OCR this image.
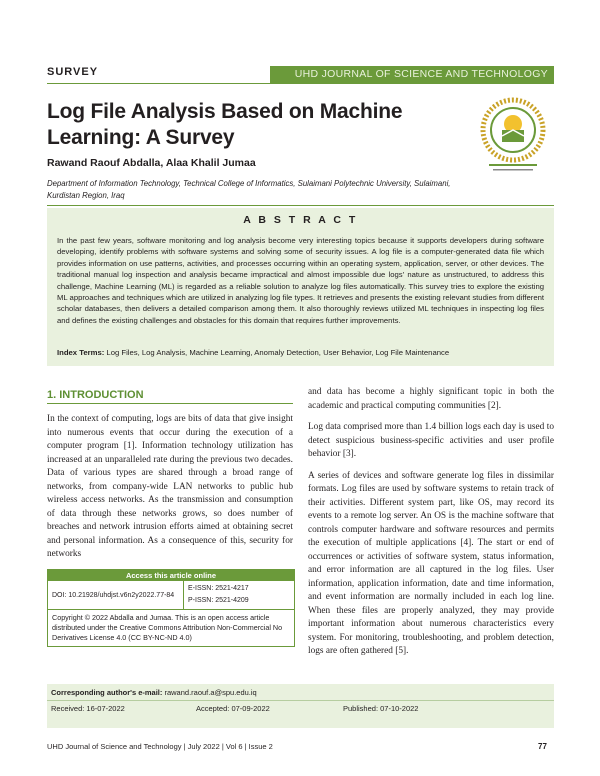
SURVEY	UHD JOURNAL OF SCIENCE AND TECHNOLOGY
Log File Analysis Based on Machine
Learning: A Survey
Rawand Raouf Abdalla, Alaa Khalil Jumaa
Department of Information Technology, Technical College of Informatics, Sulaimani Polytechnic University, Sulaimani,
Kurdistan Region, Iraq
A B S T R A C T
In the past few years, software monitoring and log analysis become very interesting topics because it supports developers during software developing, identify problems with software systems and solving some of security issues. A log file is a computer-generated data file which provides information on use patterns, activities, and processes occurring within an operating system, application, server, or other devices. The traditional manual log inspection and analysis became impractical and almost impossible due logs' nature as unstructured, to address this challenge, Machine Learning (ML) is regarded as a reliable solution to analyze log files automatically. This survey tries to explore the existing ML approaches and techniques which are utilized in analyzing log file types. It retrieves and presents the existing relevant studies from different scholar databases, then delivers a detailed comparison among them. It also thoroughly reviews utilized ML techniques in inspecting log files and defines the existing challenges and obstacles for this domain that requires further improvements.
Index Terms: Log Files, Log Analysis, Machine Learning, Anomaly Detection, User Behavior, Log File Maintenance
1. INTRODUCTION

In the context of computing, logs are bits of data that give insight into numerous events that occur during the execution of a computer program [1]. Information technology utilization has increased at an unparalleled rate during the previous two decades. Data of various types are shared through a broad range of networks, from company-wide LAN networks to public hub wireless access networks. As the transmission and consumption of data through these networks grows, so does number of breaches and network intrusion efforts aimed at obtaining secret and personal information. As a consequence of this, security for networks

and data has become a highly significant topic in both the academic and practical computing communities [2].

Log data comprised more than 1.4 billion logs each day is used to detect suspicious business-specific activities and user profile behavior [3].

A series of devices and software generate log files in dissimilar formats. Log files are used by software systems to retain track of their activities. Different system part, like OS, may record its events to a remote log server. An OS is the machine software that controls computer hardware and software resources and permits the execution of multiple applications [4]. The start or end of occurrences or activities of software system, status information, and error information are all captured in the log files. User information, application information, date and time information, and event information are normally included in each log line. When these files are properly analyzed, they may provide important information about numerous characteristics every system. For monitoring, troubleshooting, and problem detection, logs are often gathered [5].

Access this article online
DOI: 10.21928/uhdjst.v6n2y2022.77-84
E-ISSN: 2521-4217
P-ISSN: 2521-4209
Copyright © 2022 Abdalla and Jumaa. This is an open access article distributed under the Creative Commons Attribution Non-Commercial No Derivatives License 4.0 (CC BY-NC-ND 4.0)
Corresponding author's e-mail: rawand.raouf.a@spu.edu.iq
Received: 16-07-2022	Accepted: 07-09-2022	Published: 07-10-2022
UHD Journal of Science and Technology | July 2022 | Vol 6 | Issue 2	77
